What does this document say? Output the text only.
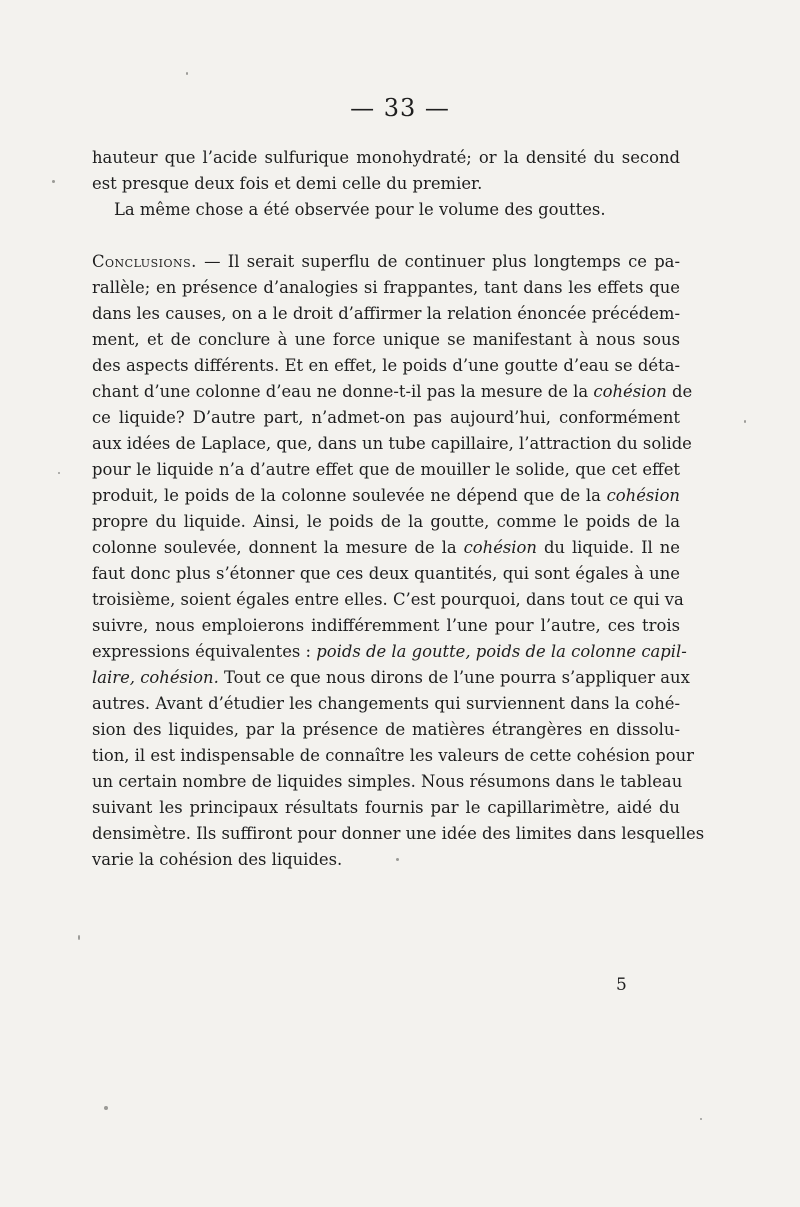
— 33 —
hauteur que l’acide sulfurique monohydraté; or la densité du second
est presque deux fois et demi celle du premier.
La même chose a été observée pour le volume des gouttes.
Conclusions. — Il serait superflu de continuer plus longtemps ce pa-
rallèle; en présence d’analogies si frappantes, tant dans les effets que
dans les causes, on a le droit d’affirmer la relation énoncée précédem-
ment, et de conclure à une force unique se manifestant à nous sous
des aspects différents. Et en effet, le poids d’une goutte d’eau se déta-
chant d’une colonne d’eau ne donne-t-il pas la mesure de la cohésion de
ce liquide? D’autre part, n’admet-on pas aujourd’hui, conformément
aux idées de Laplace, que, dans un tube capillaire, l’attraction du solide
pour le liquide n’a d’autre effet que de mouiller le solide, que cet effet
produit, le poids de la colonne soulevée ne dépend que de la cohésion
propre du liquide. Ainsi, le poids de la goutte, comme le poids de la
colonne soulevée, donnent la mesure de la cohésion du liquide. Il ne
faut donc plus s’étonner que ces deux quantités, qui sont égales à une
troisième, soient égales entre elles. C’est pourquoi, dans tout ce qui va
suivre, nous emploierons indifféremment l’une pour l’autre, ces trois
expressions équivalentes : poids de la goutte, poids de la colonne capil-
laire, cohésion. Tout ce que nous dirons de l’une pourra s’appliquer aux
autres. Avant d’étudier les changements qui surviennent dans la cohé-
sion des liquides, par la présence de matières étrangères en dissolu-
tion, il est indispensable de connaître les valeurs de cette cohésion pour
un certain nombre de liquides simples. Nous résumons dans le tableau
suivant les principaux résultats fournis par le capillarimètre, aidé du
densimètre. Ils suffiront pour donner une idée des limites dans lesquelles
varie la cohésion des liquides.
5
